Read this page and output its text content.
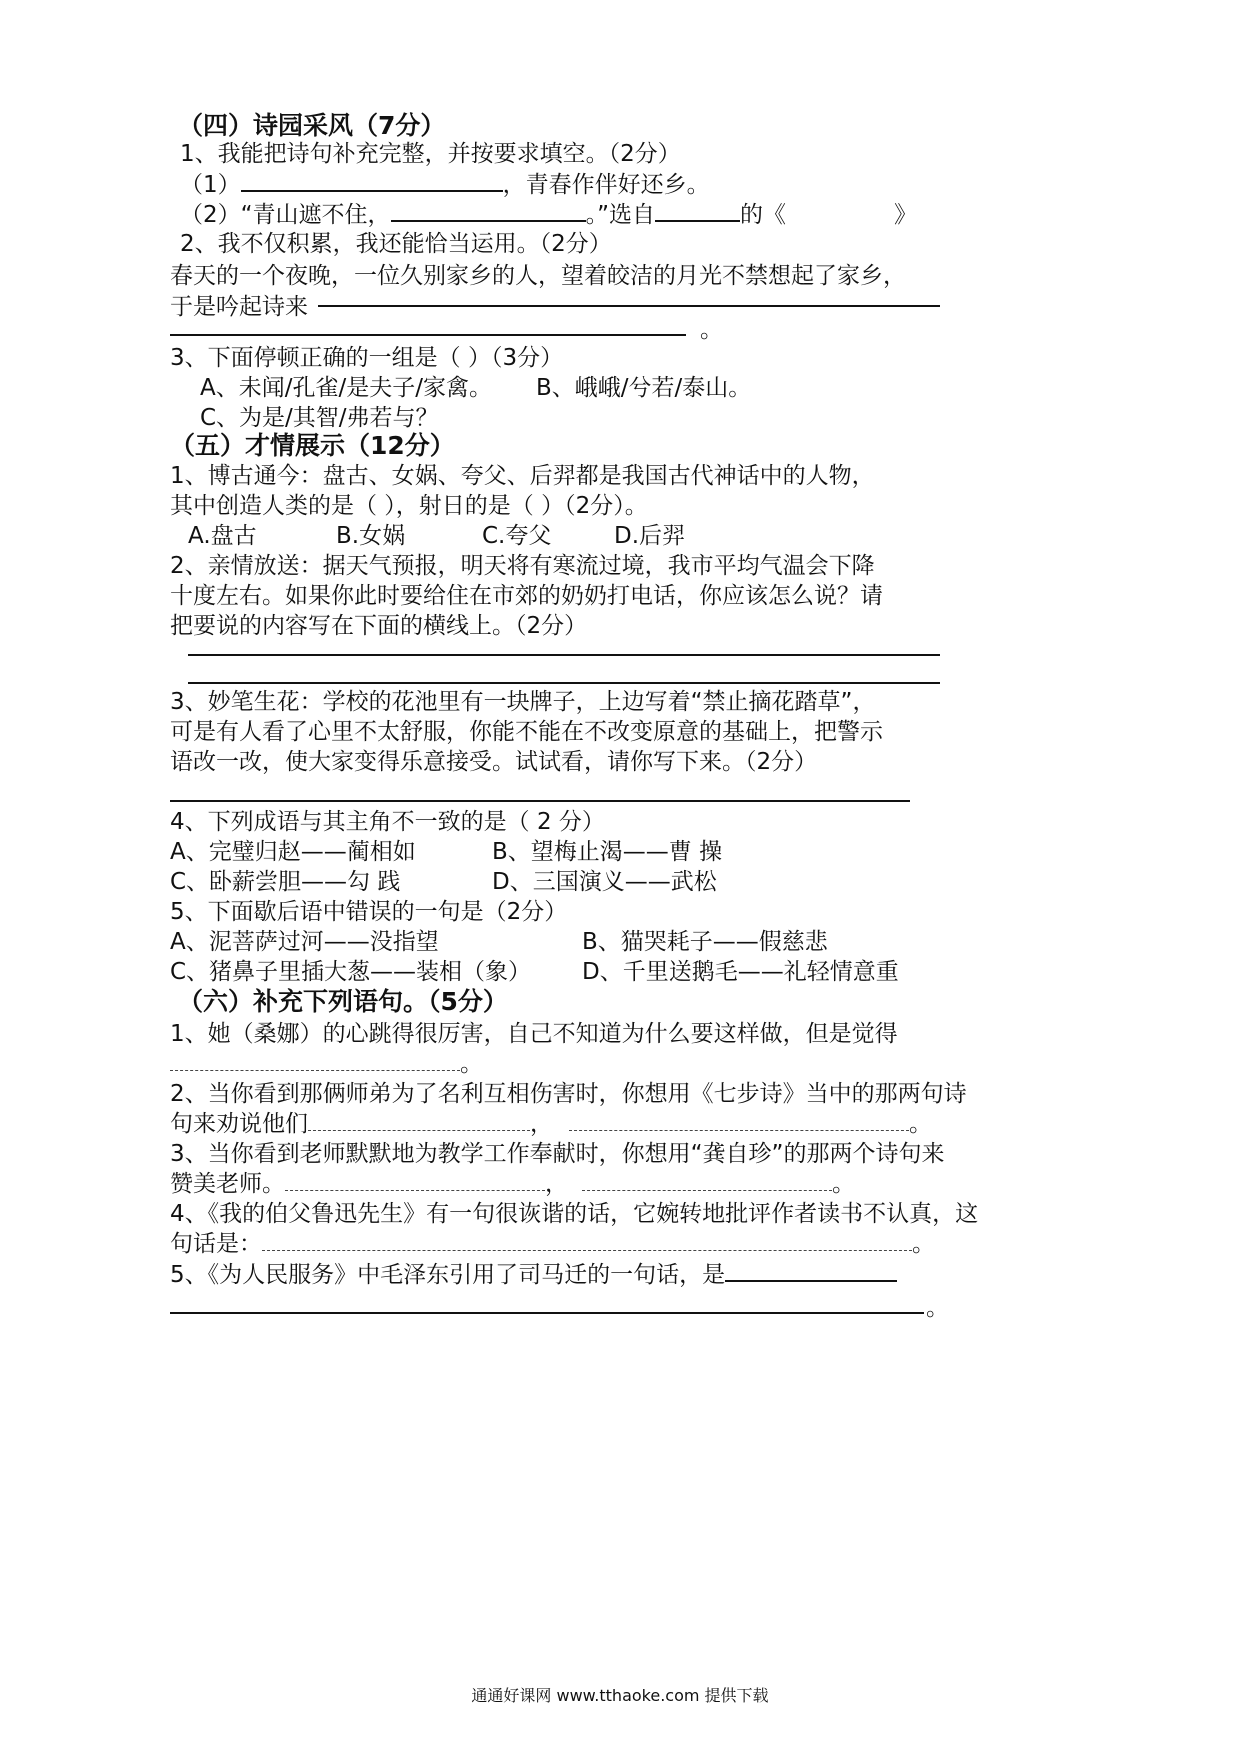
（四）诗园采风（7分）
1、我能把诗句补充完整，并按要求填空。（2分）
（1）	，青春作伴好还乡。
（2）“青山遮不住，	。”选自	的《	》
2、我不仅积累，我还能恰当运用。（2分）
春天的一个夜晚，一位久别家乡的人，望着皎洁的月光不禁想起了家乡，
于是吟起诗来
。
3、下面停顿正确的一组是（ ）（3分）
A、未闻/孔雀/是夫子/家禽。 B、峨峨/兮若/泰山。
C、为是/其智/弗若与？
（五）才情展示（12分）
1、博古通今：盘古、女娲、夸父、后羿都是我国古代神话中的人物，
其中创造人类的是（ ），射日的是（ ）（2分）。
A.盘古	B.女娲	C.夸父	D.后羿
2、亲情放送：据天气预报，明天将有寒流过境，我市平均气温会下降
十度左右。如果你此时要给住在市郊的奶奶打电话，你应该怎么说？请
把要说的内容写在下面的横线上。（2分）
3、妙笔生花：学校的花池里有一块牌子，上边写着“禁止摘花踏草”，
可是有人看了心里不太舒服，你能不能在不改变原意的基础上，把警示
语改一改，使大家变得乐意接受。试试看，请你写下来。（2分）
4、下列成语与其主角不一致的是（ 2 分）
A、完璧归赵——蔺相如	B、望梅止渴——曹 操
C、卧薪尝胆——勾 践	D、三国演义——武松
5、下面歇后语中错误的一句是（2分）
A、泥菩萨过河——没指望	B、猫哭耗子——假慈悲
C、猪鼻子里插大葱——装相（象） D、千里送鹅毛——礼轻情意重
（六）补充下列语句。（5分）
1、她（桑娜）的心跳得很厉害，自己不知道为什么要这样做，但是觉得
。
2、当你看到那俩师弟为了名利互相伤害时，你想用《七步诗》当中的那两句诗
句来劝说他们	，	。
3、当你看到老师默默地为教学工作奉献时，你想用“龚自珍”的那两个诗句来
赞美老师。	，	。
4、《我的伯父鲁迅先生》有一句很诙谐的话，它婉转地批评作者读书不认真，这
句话是：	。
5、《为人民服务》中毛泽东引用了司马迁的一句话，是
。
通通好课网 www.tthaoke.com 提供下载
